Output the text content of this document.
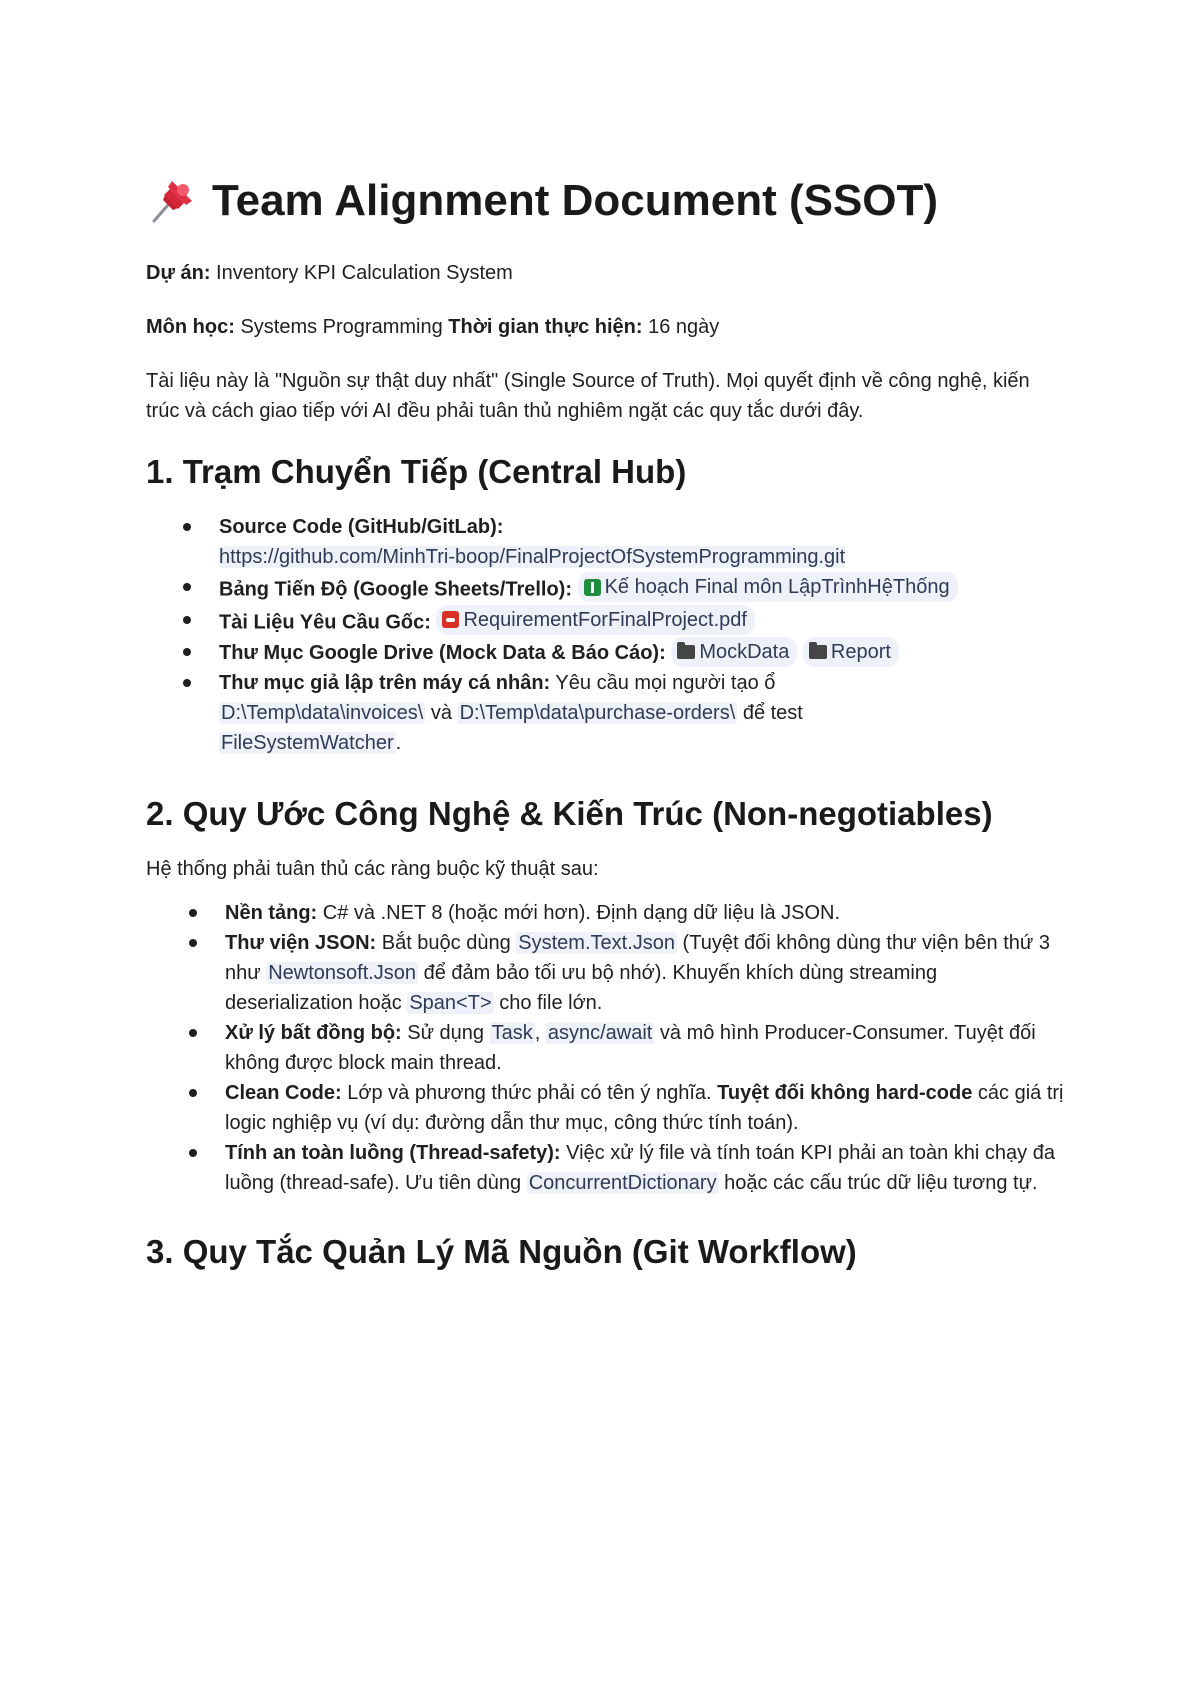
Team Alignment Document (SSOT)

Dự án: Inventory KPI Calculation System

Môn học: Systems Programming Thời gian thực hiện: 16 ngày

Tài liệu này là "Nguồn sự thật duy nhất" (Single Source of Truth). Mọi quyết định về công nghệ, kiến trúc và cách giao tiếp với AI đều phải tuân thủ nghiêm ngặt các quy tắc dưới đây.

1. Trạm Chuyển Tiếp (Central Hub)
Source Code (GitHub/GitLab):
https://github.com/MinhTri-boop/FinalProjectOfSystemProgramming.git
Bảng Tiến Độ (Google Sheets/Trello): Kế hoạch Final môn LậpTrìnhHệThống
Tài Liệu Yêu Cầu Gốc: RequirementForFinalProject.pdf
Thư Mục Google Drive (Mock Data & Báo Cáo): MockData
Report
Thư mục giả lập trên máy cá nhân: Yêu cầu mọi người tạo ổ
D:\Temp\data\invoices\ và D:\Temp\data\purchase-orders\ để test
FileSystemWatcher .
2. Quy Ước Công Nghệ & Kiến Trúc (Non-negotiables)

Hệ thống phải tuân thủ các ràng buộc kỹ thuật sau:

Nền tảng: C# và .NET 8 (hoặc mới hơn). Định dạng dữ liệu là JSON.
Thư viện JSON: Bắt buộc dùng System.Text.Json (Tuyệt đối không dùng thư viện bên thứ 3 như Newtonsoft.Json để đảm bảo tối ưu bộ nhớ). Khuyến khích dùng streaming deserialization hoặc Span<T> cho file lớn.
Xử lý bất đồng bộ: Sử dụng Task , async/await và mô hình Producer-Consumer. Tuyệt đối không được block main thread.
Clean Code: Lớp và phương thức phải có tên ý nghĩa. Tuyệt đối không hard-code các giá trị logic nghiệp vụ (ví dụ: đường dẫn thư mục, công thức tính toán).
Tính an toàn luồng (Thread-safety): Việc xử lý file và tính toán KPI phải an toàn khi chạy đa luồng (thread-safe). Ưu tiên dùng ConcurrentDictionary hoặc các cấu trúc dữ liệu tương tự.
3. Quy Tắc Quản Lý Mã Nguồn (Git Workflow)
